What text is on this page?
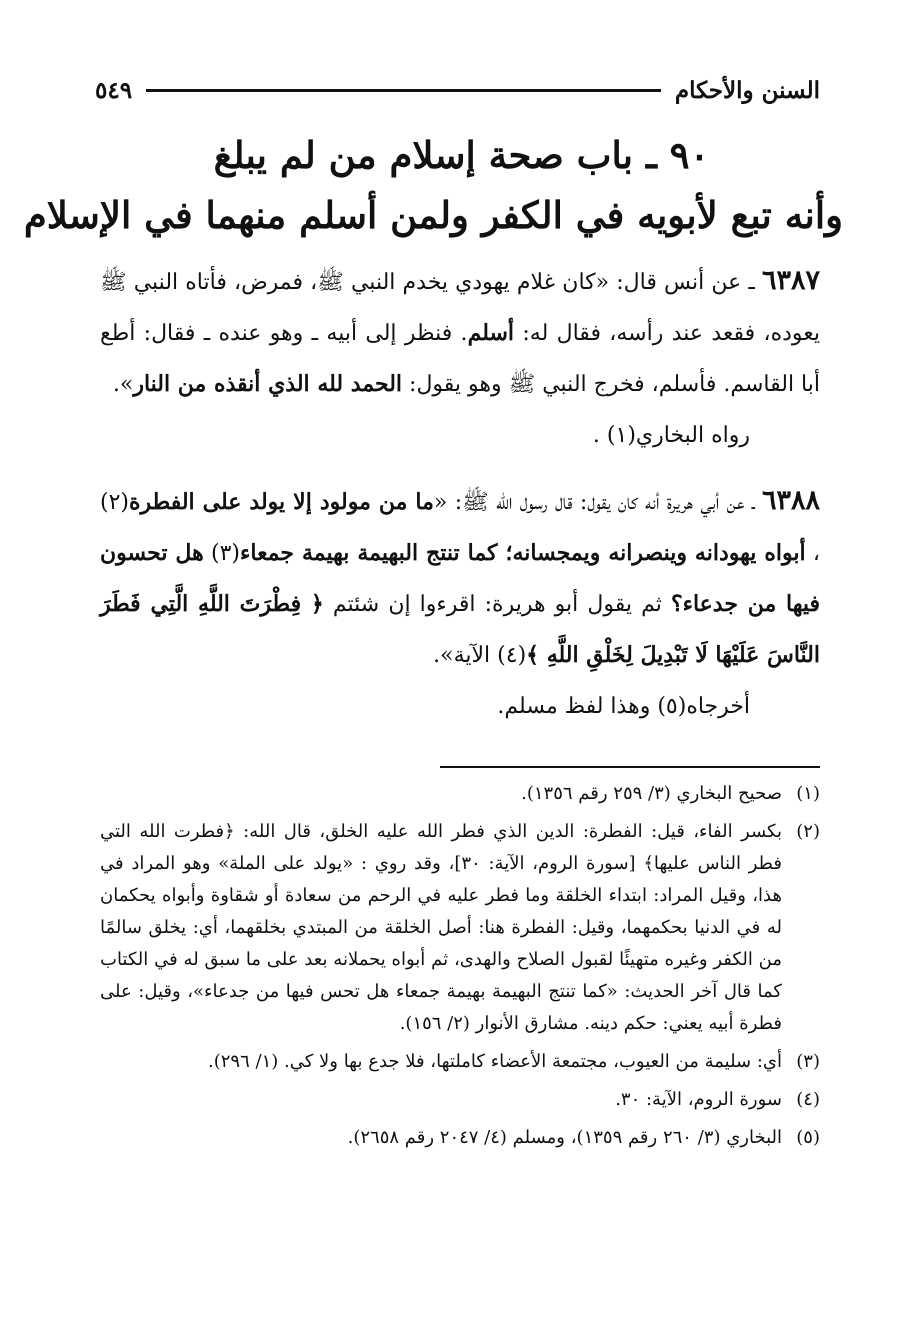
السنن والأحكام
٥٤٩
٩٠ ـ باب صحة إسلام من لم يبلغ
وأنه تبع لأبويه في الكفر ولمن أسلم منهما في الإسلام

٦٣٨٧ ـ عن أنس قال: «كان غلام يهودي يخدم النبي ﷺ، فمرض، فأتاه النبي ﷺ يعوده، فقعد عند رأسه، فقال له: أسلم. فنظر إلى أبيه ـ وهو عنده ـ فقال: أطع أبا القاسم. فأسلم، فخرج النبي ﷺ وهو يقول: الحمد لله الذي أنقذه من النار».

رواه البخاري(١) .

٦٣٨٨ ـ عن أبي هريرة أنه كان يقول: قال رسول الله ﷺ: «ما من مولود إلا يولد على الفطرة(٢) ، أبواه يهودانه وينصرانه ويمجسانه؛ كما تنتج البهيمة بهيمة جمعاء(٣) هل تحسون فيها من جدعاء؟ ثم يقول أبو هريرة: اقرءوا إن شئتم ﴿ فِطْرَتَ اللَّهِ الَّتِي فَطَرَ النَّاسَ عَلَيْهَا لَا تَبْدِيلَ لِخَلْقِ اللَّهِ ﴾(٤) الآية».

أخرجاه(٥) وهذا لفظ مسلم.

(١)صحيح البخاري (٣/ ٢٥٩ رقم ١٣٥٦).

(٢)بكسر الفاء، قيل: الفطرة: الدين الذي فطر الله عليه الخلق، قال الله: ﴿فطرت الله التي فطر الناس عليها﴾ [سورة الروم، الآية: ٣٠]، وقد روي : «يولد على الملة» وهو المراد في هذا، وقيل المراد: ابتداء الخلقة وما فطر عليه في الرحم من سعادة أو شقاوة وأبواه يحكمان له في الدنيا بحكمهما، وقيل: الفطرة هنا: أصل الخلقة من المبتدي بخلقهما، أي: يخلق سالمًا من الكفر وغيره متهيئًا لقبول الصلاح والهدى، ثم أبواه يحملانه بعد على ما سبق له في الكتاب كما قال آخر الحديث: «كما تنتج البهيمة بهيمة جمعاء هل تحس فيها من جدعاء»، وقيل: على فطرة أبيه يعني: حكم دينه. مشارق الأنوار (٢/ ١٥٦).

(٣)أي: سليمة من العيوب، مجتمعة الأعضاء كاملتها، فلا جدع بها ولا كي. (١/ ٢٩٦).

(٤)سورة الروم، الآية: ٣٠.

(٥)البخاري (٣/ ٢٦٠ رقم ١٣٥٩)، ومسلم (٤/ ٢٠٤٧ رقم ٢٦٥٨).
